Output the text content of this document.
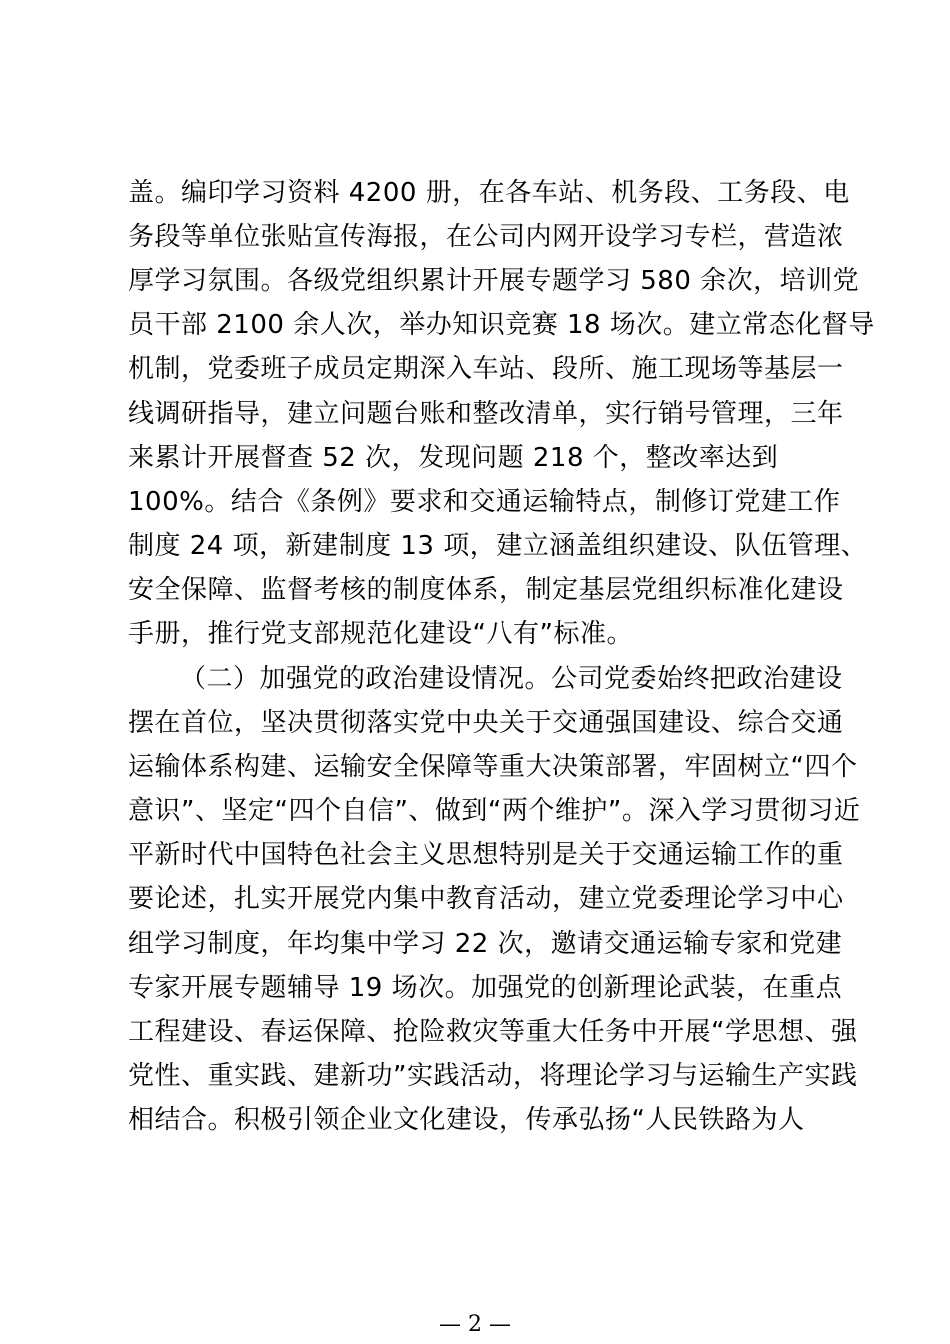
盖。编印学习资料 4200 册，在各车站、机务段、工务段、电
务段等单位张贴宣传海报，在公司内网开设学习专栏，营造浓
厚学习氛围。各级党组织累计开展专题学习 580 余次，培训党
员干部 2100 余人次，举办知识竞赛 18 场次。建立常态化督导
机制，党委班子成员定期深入车站、段所、施工现场等基层一
线调研指导，建立问题台账和整改清单，实行销号管理，三年
来累计开展督查 52 次，发现问题 218 个，整改率达到
100%。结合《条例》要求和交通运输特点，制修订党建工作
制度 24 项，新建制度 13 项，建立涵盖组织建设、队伍管理、
安全保障、监督考核的制度体系，制定基层党组织标准化建设
手册，推行党支部规范化建设“八有”标准。
（二）加强党的政治建设情况。公司党委始终把政治建设
摆在首位，坚决贯彻落实党中央关于交通强国建设、综合交通
运输体系构建、运输安全保障等重大决策部署，牢固树立“四个
意识”、坚定“四个自信”、做到“两个维护”。深入学习贯彻习近
平新时代中国特色社会主义思想特别是关于交通运输工作的重
要论述，扎实开展党内集中教育活动，建立党委理论学习中心
组学习制度，年均集中学习 22 次，邀请交通运输专家和党建
专家开展专题辅导 19 场次。加强党的创新理论武装，在重点
工程建设、春运保障、抢险救灾等重大任务中开展“学思想、强
党性、重实践、建新功”实践活动，将理论学习与运输生产实践
相结合。积极引领企业文化建设，传承弘扬“人民铁路为人
— 2 —
